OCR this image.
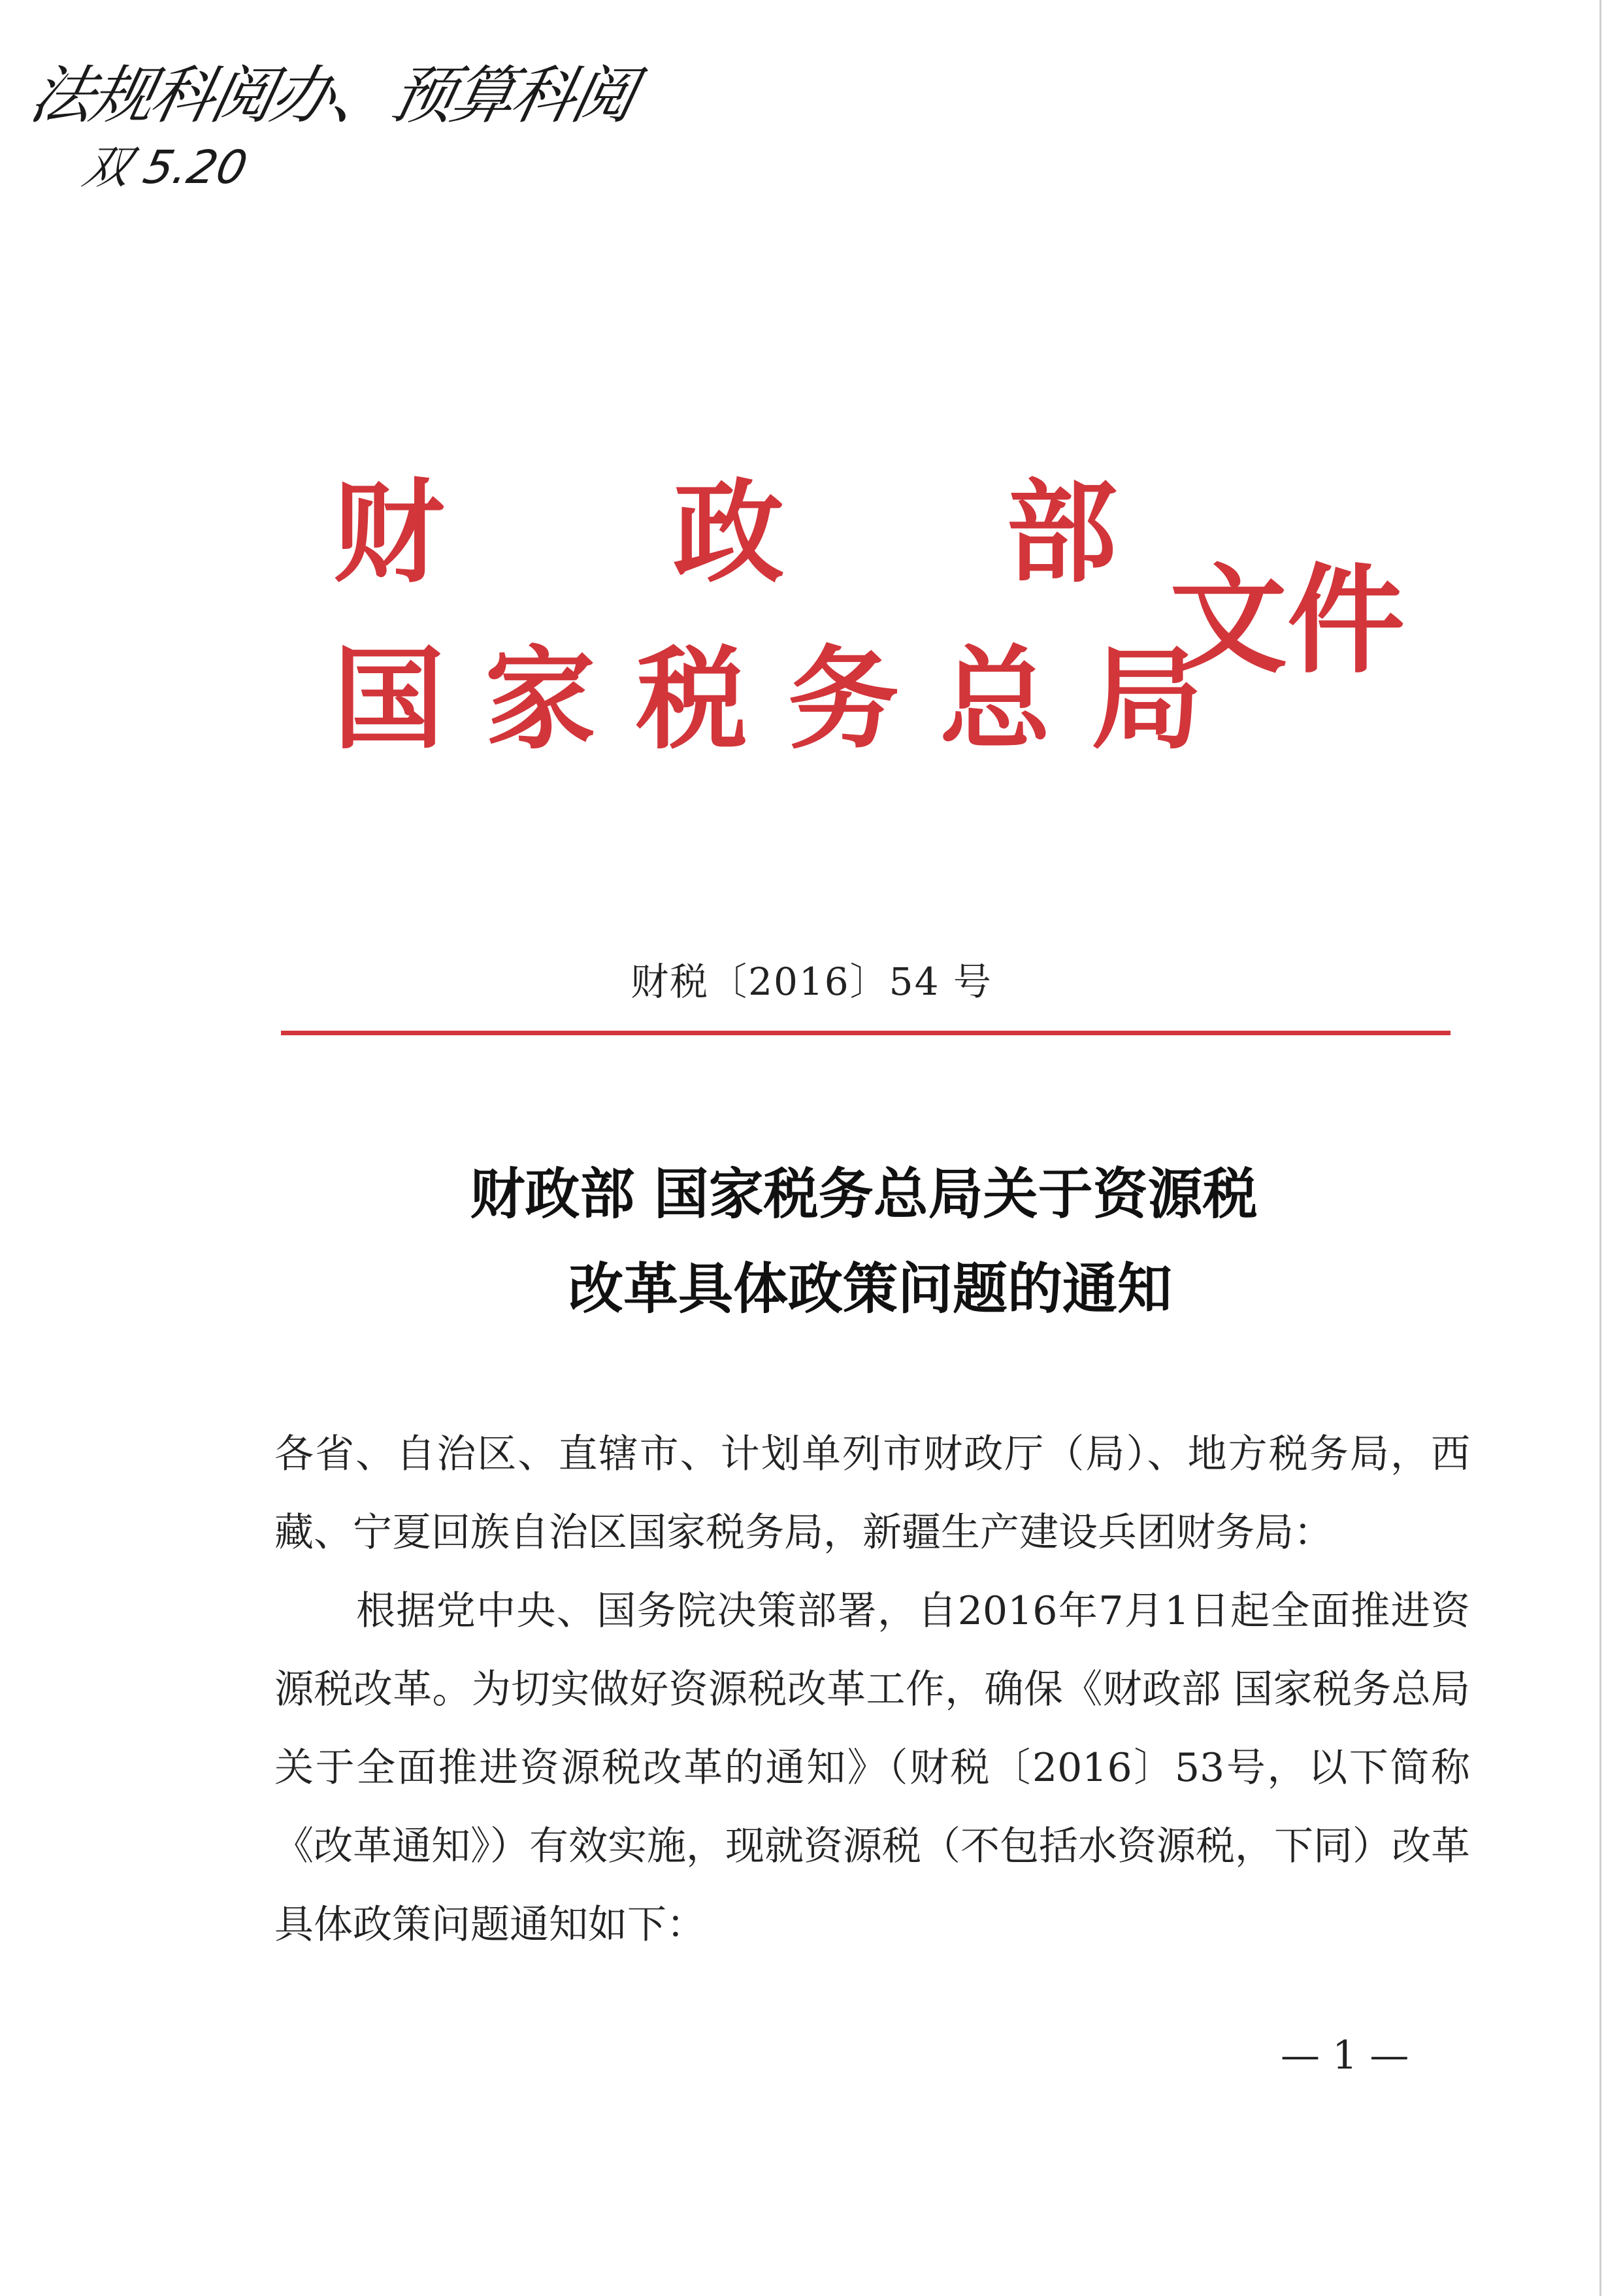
法规科阅办、预算科阅
双 5.20
财 政 部
国家税务总局
文件
财税〔2016〕54 号
财政部 国家税务总局关于资源税
改革具体政策问题的通知

各省、自治区、直辖市、计划单列市财政厅（局）、地方税务局，西藏、宁夏回族自治区国家税务局，新疆生产建设兵团财务局：

根据党中央、国务院决策部署，自2016年7月1日起全面推进资源税改革。为切实做好资源税改革工作，确保《财政部 国家税务总局关于全面推进资源税改革的通知》（财税〔2016〕53号，以下简称《改革通知》）有效实施，现就资源税（不包括水资源税，下同）改革具体政策问题通知如下：

— 1 —
